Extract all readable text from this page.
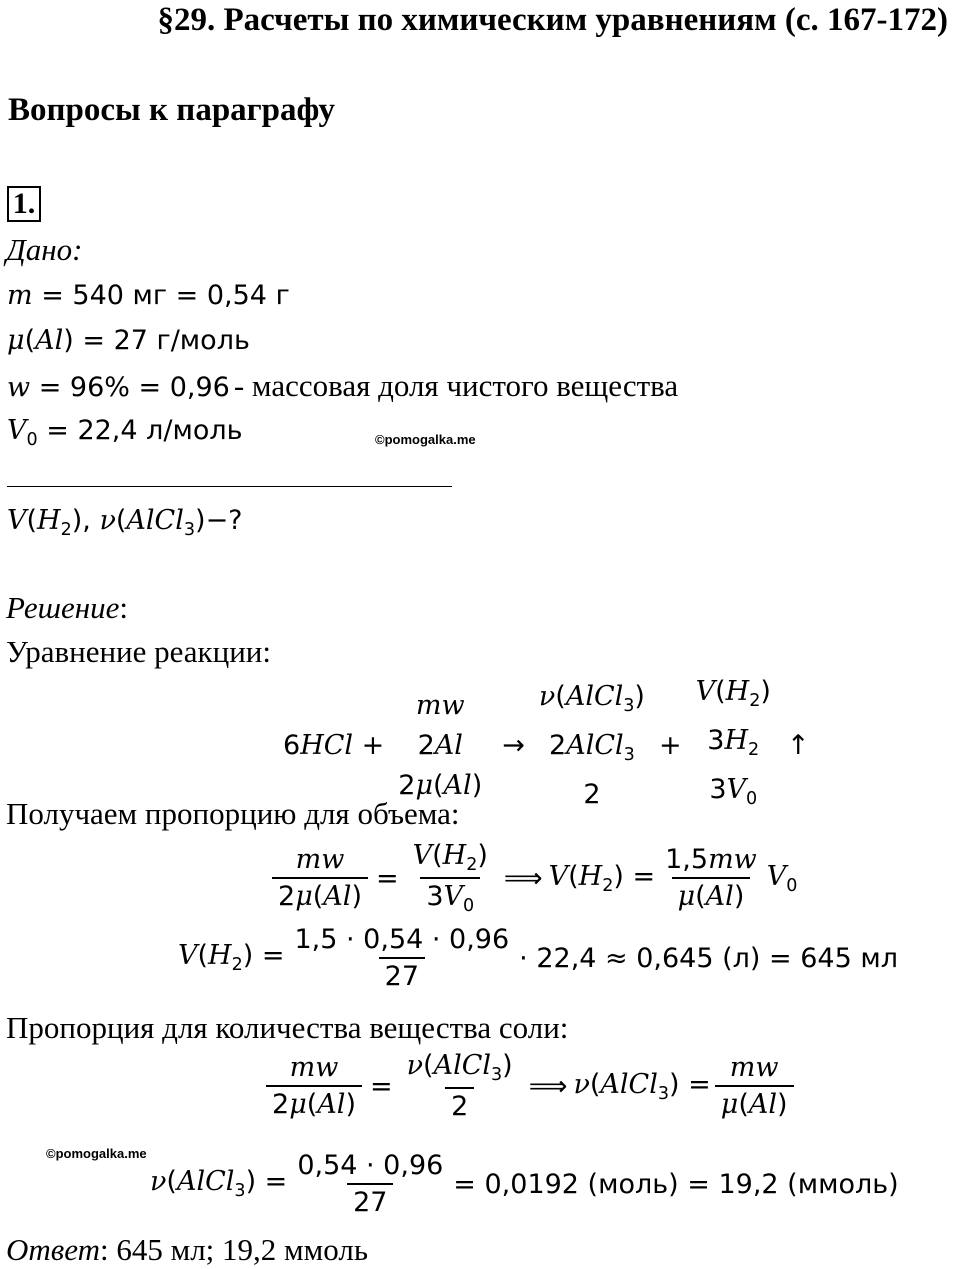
§29. Расчеты по химическим уравнениям (с. 167-172)
Вопросы к параграфу
1.
Дано:
m = 540 мг = 0,54 г
μ(Al) = 27 г/моль
w = 96% = 0,96 - массовая доля чистого вещества
$V_0 = 22,4$ л/моль	©pomogalka.me
$V(H_2)$, ν(AlCl$_3$)−?
Решение:
Уравнение реакции:
6HCl +
mw
2Al
2μ(Al)
→
ν(AlCl$_3$)
2AlCl$_3$
2
+
$V(H_2)$
$3H_2$
$3V_0$
↑
Получаем пропорцию для объема:
$\frac{mw}{2\mu(Al)} = \frac{V(H_2)}{3V_0}$ ⟹ $V(H_2) = \frac{1,5mw}{\mu(Al)} V_0$
$V(H_2) = \frac{1,5 \cdot 0,54 \cdot 0,96}{27} \cdot 22,4 \approx 0,645$ (л) = 645 мл
Пропорция для количества вещества соли:
$\frac{mw}{2\mu(Al)} = \frac{\nu(AlCl_3)}{2}$ ⟹ ν(AlCl$_3$) = $\frac{mw}{\mu(Al)}$
©pomogalka.me
ν(AlCl$_3$) = $\frac{0,54 \cdot 0,96}{27} = 0,0192$ (моль) = 19,2 (ммоль)
Ответ: 645 мл; 19,2 ммоль
